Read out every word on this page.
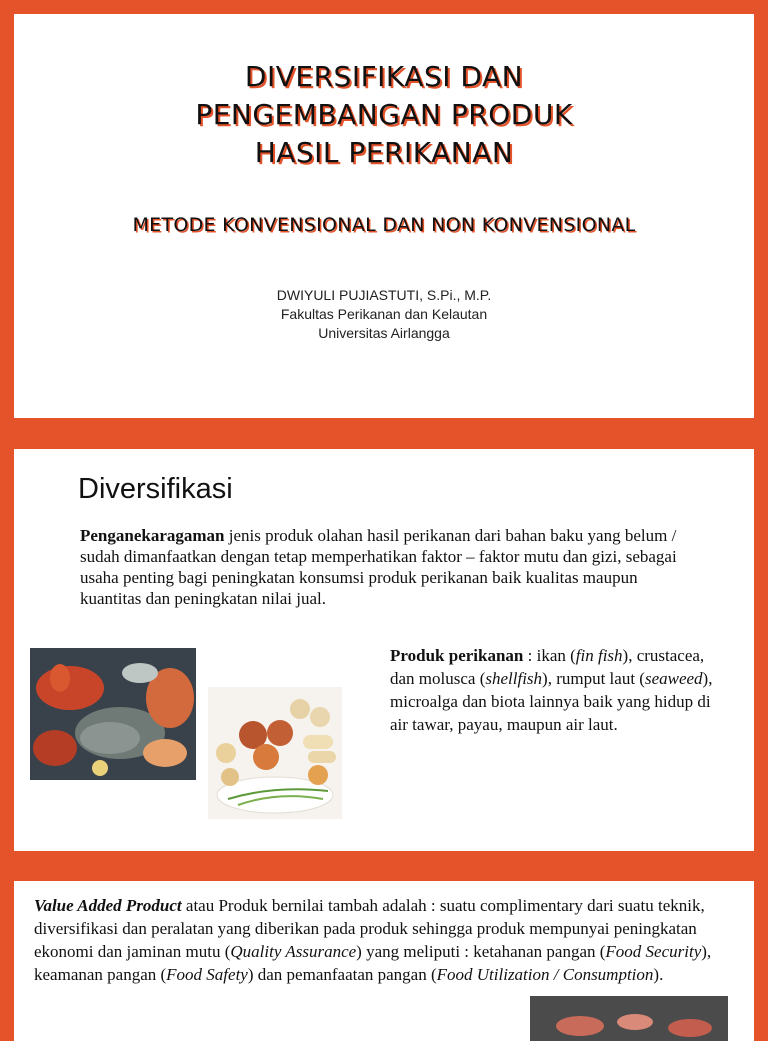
DIVERSIFIKASI DAN
PENGEMBANGAN PRODUK
HASIL PERIKANAN
METODE KONVENSIONAL DAN NON KONVENSIONAL
DWIYULI PUJIASTUTI, S.Pi., M.P.
Fakultas Perikanan dan Kelautan
Universitas Airlangga
Diversifikasi
Penganekaragaman jenis produk olahan hasil perikanan dari bahan baku yang belum / sudah dimanfaatkan dengan tetap memperhatikan faktor – faktor mutu dan gizi, sebagai usaha penting bagi peningkatan konsumsi produk perikanan baik kualitas maupun kuantitas dan peningkatan nilai jual.
Produk perikanan : ikan (fin fish), crustacea, dan molusca (shellfish), rumput laut (seaweed), microalga dan biota lainnya baik yang hidup di air tawar, payau, maupun air laut.
Value Added Product atau Produk bernilai tambah adalah : suatu complimentary dari suatu teknik, diversifikasi dan peralatan yang diberikan pada produk sehingga produk mempunyai peningkatan ekonomi dan jaminan mutu (Quality Assurance) yang meliputi : ketahanan pangan (Food Security), keamanan pangan (Food Safety) dan pemanfaatan pangan (Food Utilization / Consumption).
